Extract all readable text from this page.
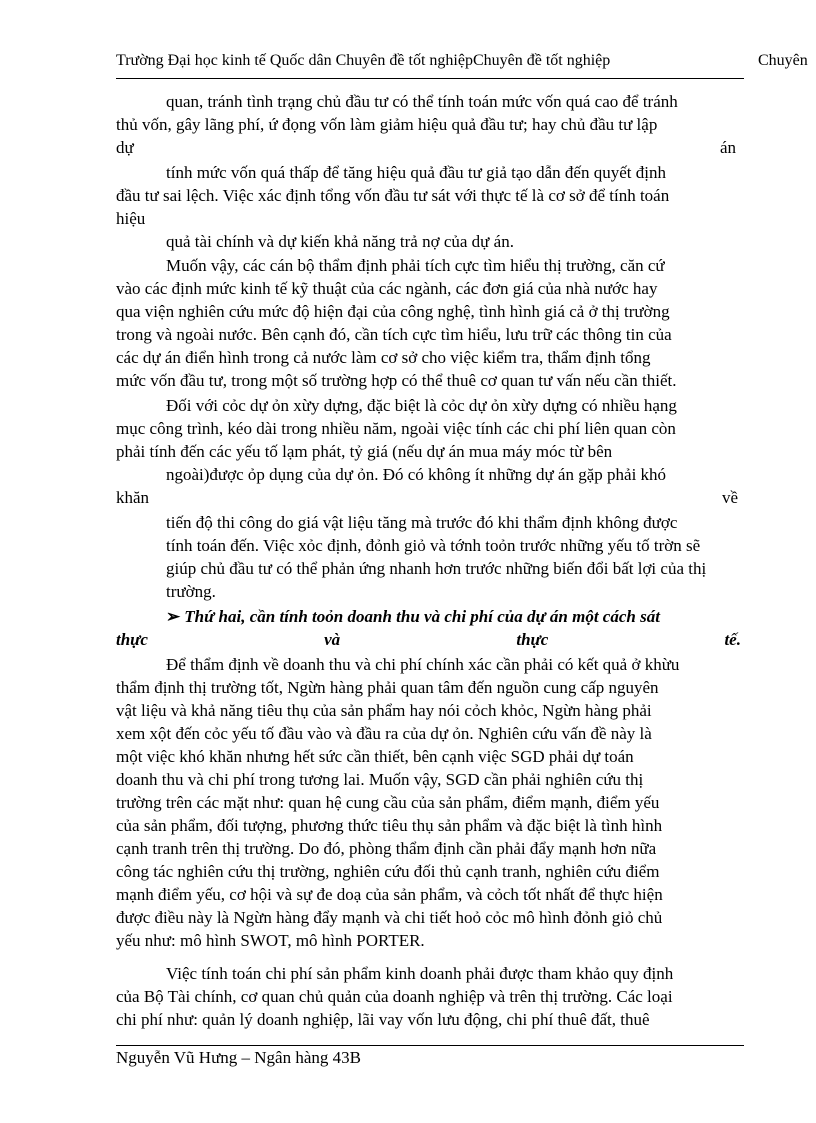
Trường Đại học kinh tế Quốc dân Chuyên đề tốt nghiệpChuyên đề tốt nghiệp	Chuyên
quan, tránh tình trạng chủ đầu tư có thể tính toán mức vốn quá cao để tránh
thủ vốn, gây lãng phí, ứ đọng vốn làm giảm hiệu quả đầu tư; hay chủ đầu tư lập
dự	án
tính mức vốn quá thấp để tăng hiệu quả đầu tư giả tạo dẫn đến quyết định
đầu tư sai lệch. Việc xác định tổng vốn đầu tư sát với thực tế là cơ sở để tính toán
hiệu
quả tài chính và dự kiến khả năng trả nợ của dự án.
Muốn vậy, các cán bộ thẩm định phải tích cực tìm hiểu thị trường, căn cứ
vào các định mức kinh tế kỹ thuật của các ngành, các đơn giá của nhà nước hay
qua viện nghiên cứu mức độ hiện đại của công nghệ, tình hình giá cả ở thị trường
trong và ngoài nước. Bên cạnh đó, cần tích cực tìm hiểu, lưu trữ các thông tin của
các dự án điển hình trong cả nước làm cơ sở cho việc kiểm tra, thẩm định tổng
mức vốn đầu tư, trong một số trường hợp có thể thuê cơ quan tư vấn nếu cần thiết.
Đối với cỏc dự ỏn xừy dựng, đặc biệt là cỏc dự ỏn xừy dựng có nhiều hạng
mục công trình, kéo dài trong nhiều năm, ngoài việc tính các chi phí liên quan còn
phải tính đến các yếu tố lạm phát, tỷ giá (nếu dự án mua máy móc từ bên
ngoài)được ỏp dụng của dự ỏn. Đó có không ít những dự án gặp phải khó
khăn	về
tiến độ thi công do giá vật liệu tăng mà trước đó khi thẩm định không được
tính toán đến. Việc xỏc định, đỏnh giỏ và tớnh toỏn trước những yếu tố trờn sẽ
giúp chủ đầu tư có thể phản ứng nhanh hơn trước những biến đổi bất lợi của thị
trường.
➢ Thứ hai, cần tính toỏn doanh thu và chi phí của dự án một cách sát
thực	và	thực	tế.
Để thẩm định về doanh thu và chi phí chính xác cần phải có kết quả ở khừu
thẩm định thị trường tốt, Ngừn hàng phải quan tâm đến nguồn cung cấp nguyên
vật liệu và khả năng tiêu thụ của sản phẩm hay nói cỏch khỏc, Ngừn hàng phải
xem xột đến cỏc yếu tố đầu vào và đầu ra của dự ỏn. Nghiên cứu vấn đề này là
một việc khó khăn nhưng hết sức cần thiết, bên cạnh việc SGD phải dự toán
doanh thu và chi phí trong tương lai. Muốn vậy, SGD cần phải nghiên cứu thị
trường trên các mặt như: quan hệ cung cầu của sản phẩm, điểm mạnh, điểm yếu
của sản phẩm, đối tượng, phương thức tiêu thụ sản phẩm và đặc biệt là tình hình
cạnh tranh trên thị trường. Do đó, phòng thẩm định cần phải đẩy mạnh hơn nữa
công tác nghiên cứu thị trường, nghiên cứu đối thủ cạnh tranh, nghiên cứu điểm
mạnh điểm yếu, cơ hội và sự đe doạ của sản phẩm, và cỏch tốt nhất để thực hiện
được điều này là Ngừn hàng đẩy mạnh và chi tiết hoỏ cỏc mô hình đỏnh giỏ chủ
yếu như: mô hình SWOT, mô hình PORTER.
Việc tính toán chi phí sản phẩm kinh doanh phải được tham khảo quy định
của Bộ Tài chính, cơ quan chủ quản của doanh nghiệp và trên thị trường. Các loại
chi phí như: quản lý doanh nghiệp, lãi vay vốn lưu động, chi phí thuê đất, thuê
Nguyễn Vũ Hưng – Ngân hàng 43B
